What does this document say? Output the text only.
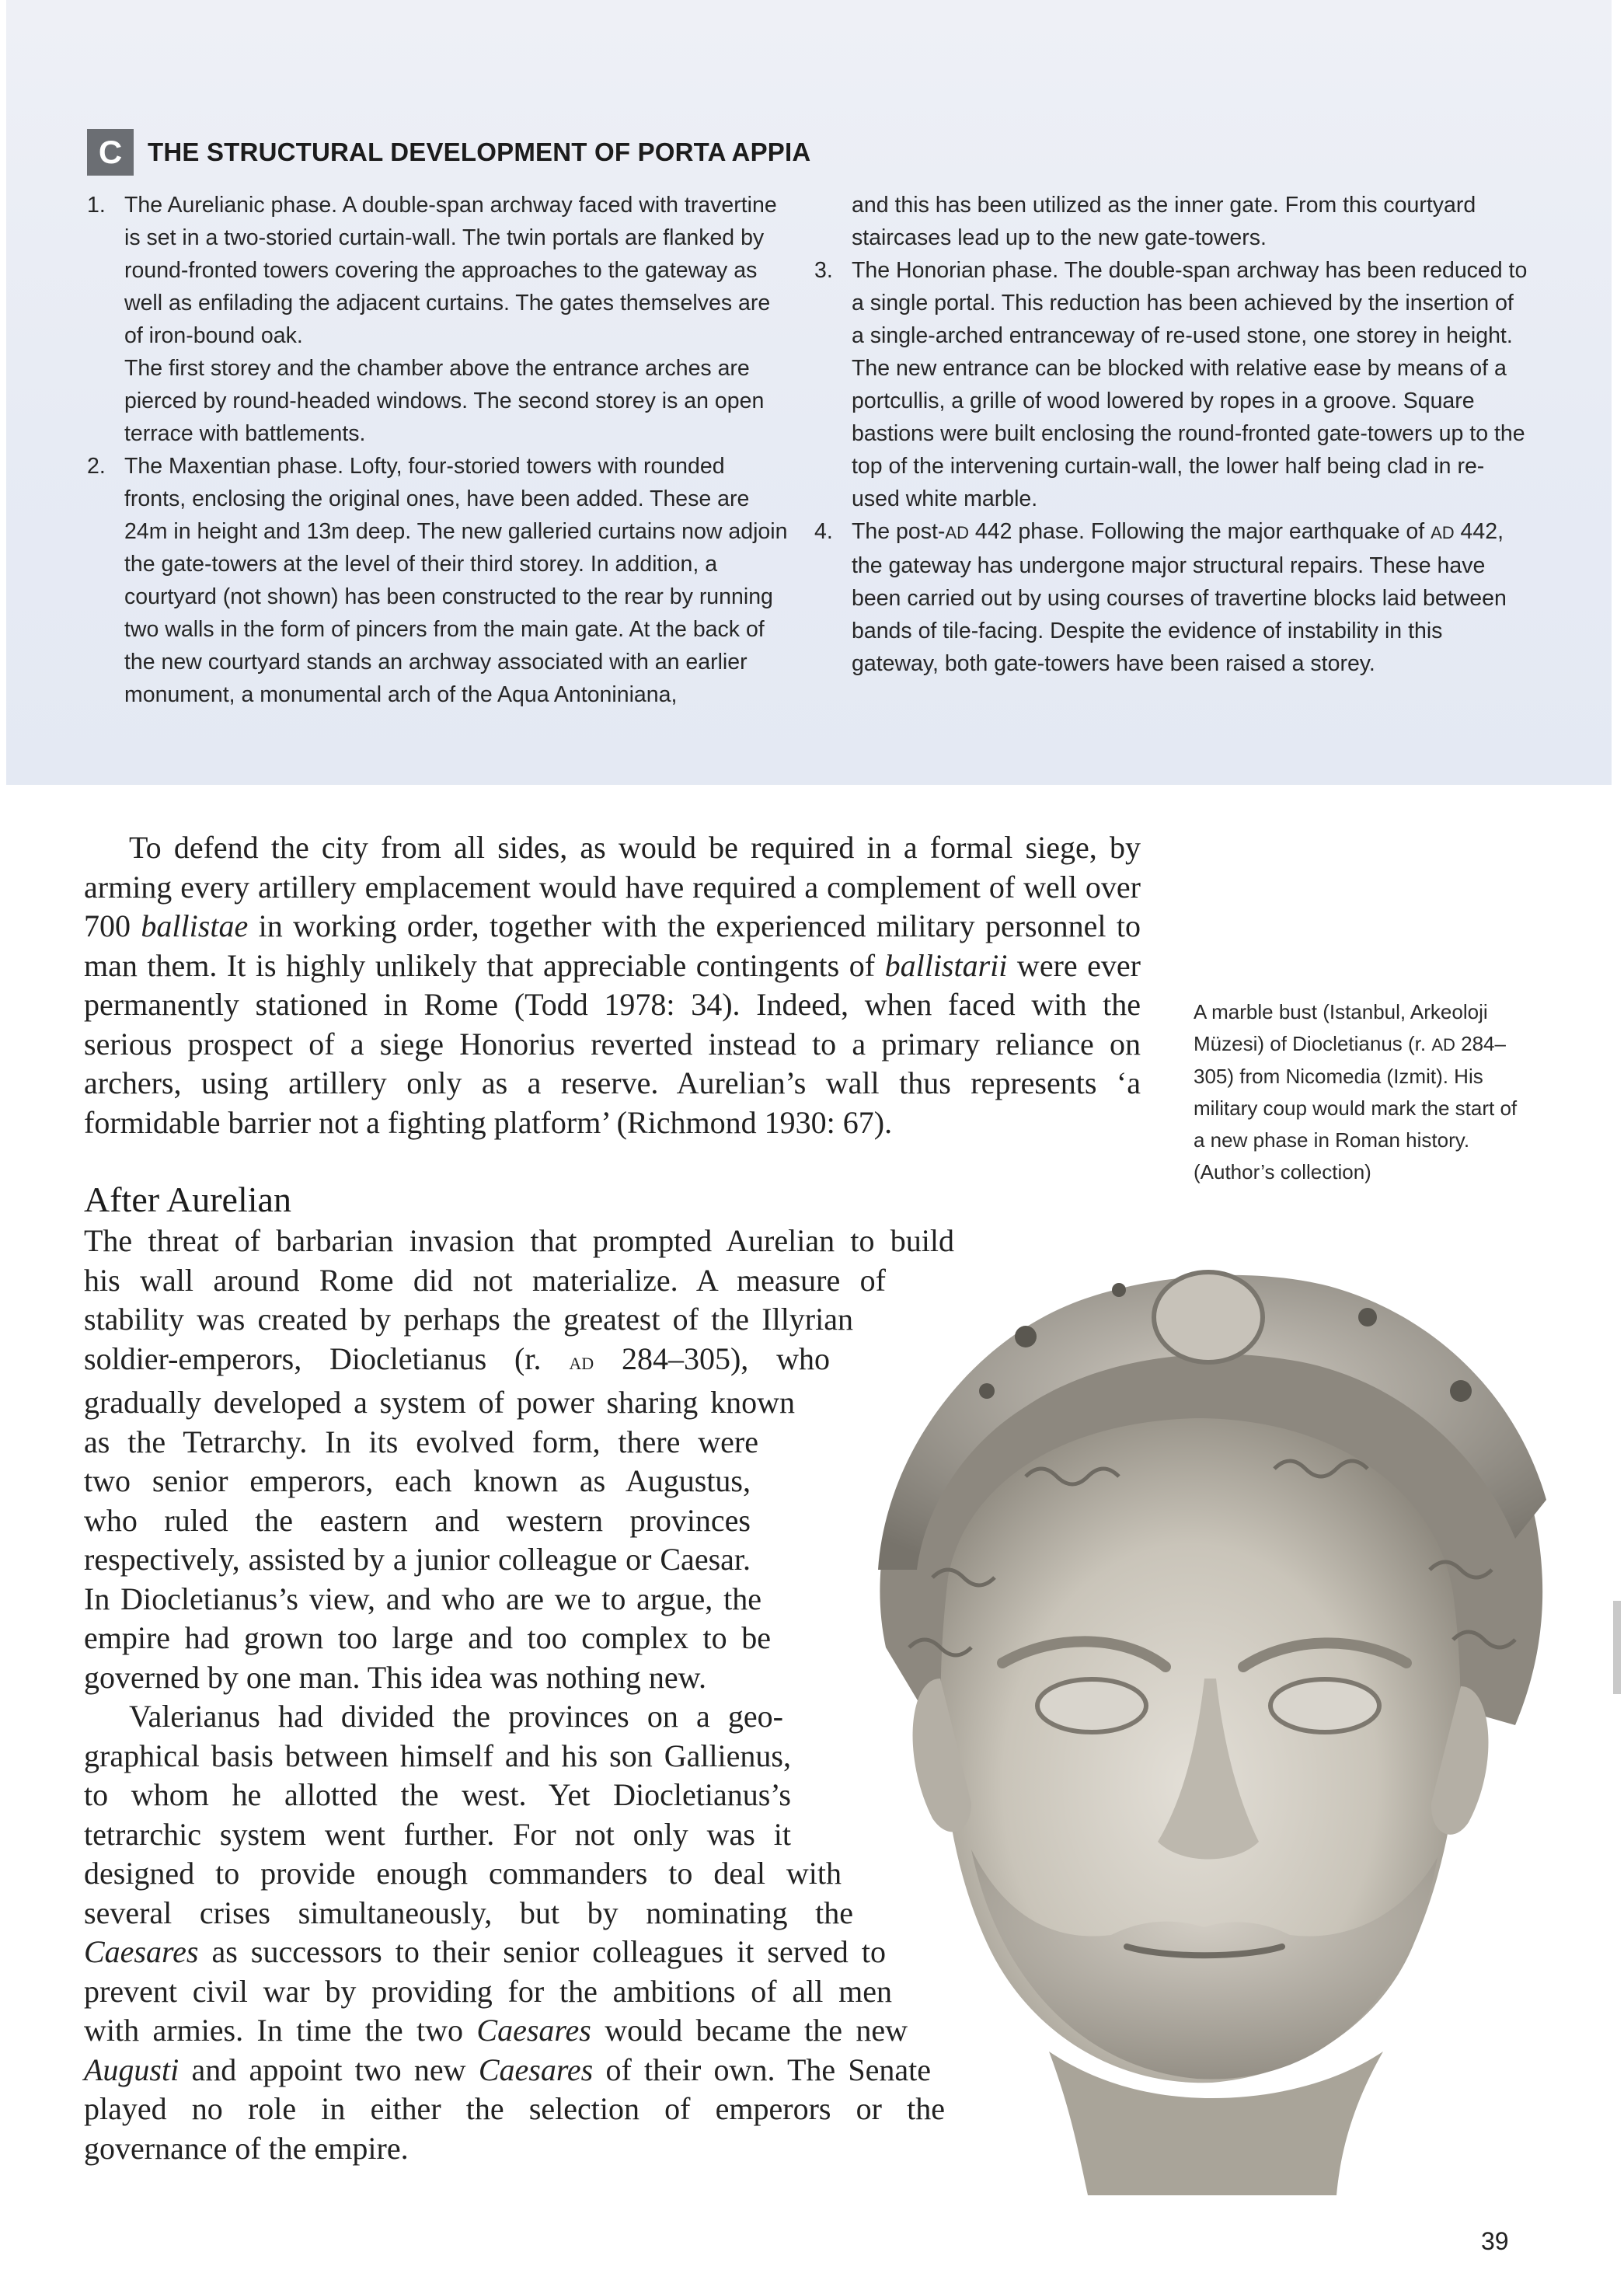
C THE STRUCTURAL DEVELOPMENT OF PORTA APPIA
1. The Aurelianic phase. A double-span archway faced with travertine is set in a two-storied curtain-wall. The twin portals are flanked by round-fronted towers covering the approaches to the gateway as well as enfilading the adjacent curtains. The gates themselves are of iron-bound oak.
The first storey and the chamber above the entrance arches are pierced by round-headed windows. The second storey is an open terrace with battlements.
2. The Maxentian phase. Lofty, four-storied towers with rounded fronts, enclosing the original ones, have been added. These are 24m in height and 13m deep. The new galleried curtains now adjoin the gate-towers at the level of their third storey. In addition, a courtyard (not shown) has been constructed to the rear by running two walls in the form of pincers from the main gate. At the back of the new courtyard stands an archway associated with an earlier monument, a monumental arch of the Aqua Antoniniana,
and this has been utilized as the inner gate. From this courtyard staircases lead up to the new gate-towers.
3. The Honorian phase. The double-span archway has been reduced to a single portal. This reduction has been achieved by the insertion of a single-arched entranceway of re-used stone, one storey in height. The new entrance can be blocked with relative ease by means of a portcullis, a grille of wood lowered by ropes in a groove. Square bastions were built enclosing the round-fronted gate-towers up to the top of the intervening curtain-wall, the lower half being clad in re-used white marble.
4. The post-AD 442 phase. Following the major earthquake of AD 442, the gateway has undergone major structural repairs. These have been carried out by using courses of travertine blocks laid between bands of tile-facing. Despite the evidence of instability in this gateway, both gate-towers have been raised a storey.

To defend the city from all sides, as would be required in a formal siege, by arming every artillery emplacement would have required a complement of well over 700 ballistae in working order, together with the experienced military personnel to man them. It is highly unlikely that appreciable contingents of ballistarii were ever permanently stationed in Rome (Todd 1978: 34). Indeed, when faced with the serious prospect of a siege Honorius reverted instead to a primary reliance on archers, using artillery only as a reserve. Aurelian’s wall thus represents ‘a formidable barrier not a fighting platform’ (Richmond 1930: 67).

A marble bust (Istanbul, Arkeoloji Müzesi) of Diocletianus (r. AD 284–305) from Nicomedia (Izmit). His military coup would mark the start of a new phase in Roman history. (Author’s collection)
After Aurelian
The threat of barbarian invasion that prompted Aurelian to build
his wall around Rome did not materialize. A measure of
stability was created by perhaps the greatest of the Illyrian
soldier-emperors, Diocletianus (r. AD 284–305), who
gradually developed a system of power sharing known
as the Tetrarchy. In its evolved form, there were
two senior emperors, each known as Augustus,
who ruled the eastern and western provinces
respectively, assisted by a junior colleague or Caesar.
In Diocletianus’s view, and who are we to argue, the
empire had grown too large and too complex to be
governed by one man. This idea was nothing new.
Valerianus had divided the provinces on a geo-
graphical basis between himself and his son Gallienus,
to whom he allotted the west. Yet Diocletianus’s
tetrarchic system went further. For not only was it
designed to provide enough commanders to deal with
several crises simultaneously, but by nominating the
Caesares as successors to their senior colleagues it served to
prevent civil war by providing for the ambitions of all men
with armies. In time the two Caesares would became the new
Augusti and appoint two new Caesares of their own. The Senate
played no role in either the selection of emperors or the
governance of the empire.
39
